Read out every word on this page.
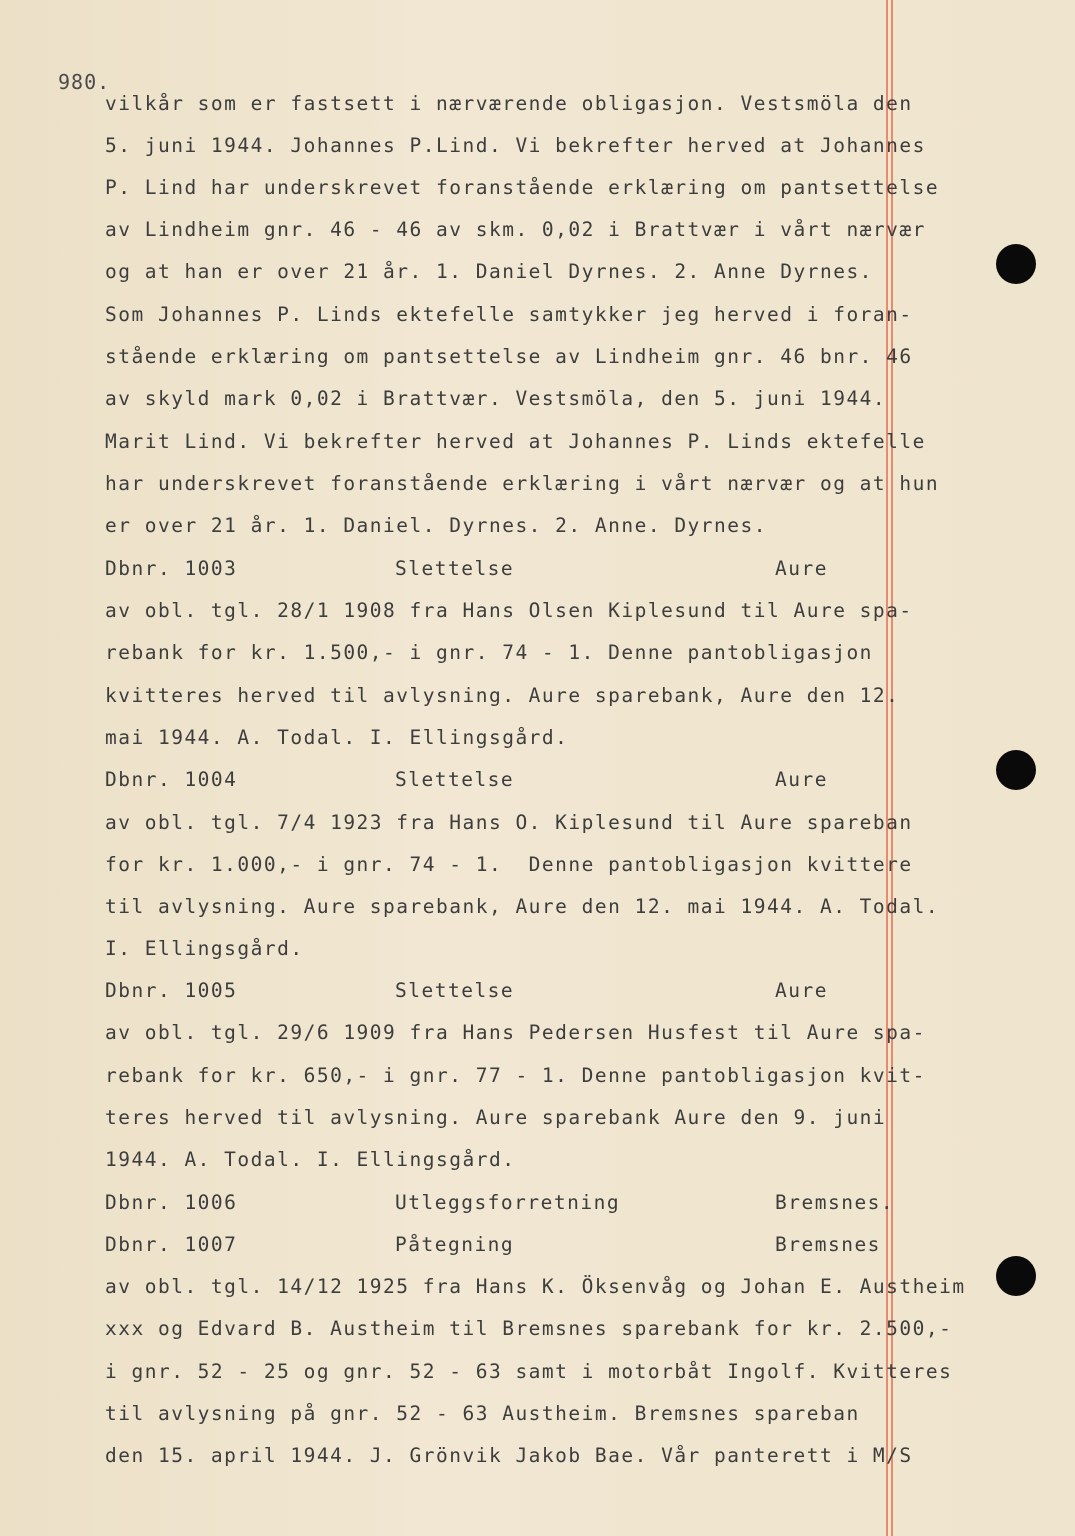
980.
vilkår som er fastsett i nærværende obligasjon. Vestsmöla den
5. juni 1944. Johannes P.Lind. Vi bekrefter herved at Johannes
P. Lind har underskrevet foranstående erklæring om pantsettelse
av Lindheim gnr. 46 - 46 av skm. 0,02 i Brattvær i vårt nærvær
og at han er over 21 år. 1. Daniel Dyrnes. 2. Anne Dyrnes.
Som Johannes P. Linds ektefelle samtykker jeg herved i foran-
stående erklæring om pantsettelse av Lindheim gnr. 46 bnr. 46
av skyld mark 0,02 i Brattvær. Vestsmöla, den 5. juni 1944.
Marit Lind. Vi bekrefter herved at Johannes P. Linds ektefelle
har underskrevet foranstående erklæring i vårt nærvær og at hun
er over 21 år. 1. Daniel. Dyrnes. 2. Anne. Dyrnes.
Dbnr. 1003	Slettelse	Aure
av obl. tgl. 28/1 1908 fra Hans Olsen Kiplesund til Aure spa-
rebank for kr. 1.500,- i gnr. 74 - 1. Denne pantobligasjon
kvitteres herved til avlysning. Aure sparebank, Aure den 12.
mai 1944. A. Todal. I. Ellingsgård.
Dbnr. 1004	Slettelse	Aure
av obl. tgl. 7/4 1923 fra Hans O. Kiplesund til Aure spareban
for kr. 1.000,- i gnr. 74 - 1.  Denne pantobligasjon kvittere
til avlysning. Aure sparebank, Aure den 12. mai 1944. A. Todal.
I. Ellingsgård.
Dbnr. 1005	Slettelse	Aure
av obl. tgl. 29/6 1909 fra Hans Pedersen Husfest til Aure spa-
rebank for kr. 650,- i gnr. 77 - 1. Denne pantobligasjon kvit-
teres herved til avlysning. Aure sparebank Aure den 9. juni
1944. A. Todal. I. Ellingsgård.
Dbnr. 1006	Utleggsforretning	Bremsnes.
Dbnr. 1007	Påtegning	Bremsnes
av obl. tgl. 14/12 1925 fra Hans K. Öksenvåg og Johan E. Austheim
xxx og Edvard B. Austheim til Bremsnes sparebank for kr. 2.500,-
i gnr. 52 - 25 og gnr. 52 - 63 samt i motorbåt Ingolf. Kvitteres
til avlysning på gnr. 52 - 63 Austheim. Bremsnes spareban
den 15. april 1944. J. Grönvik Jakob Bae. Vår panterett i M/S
